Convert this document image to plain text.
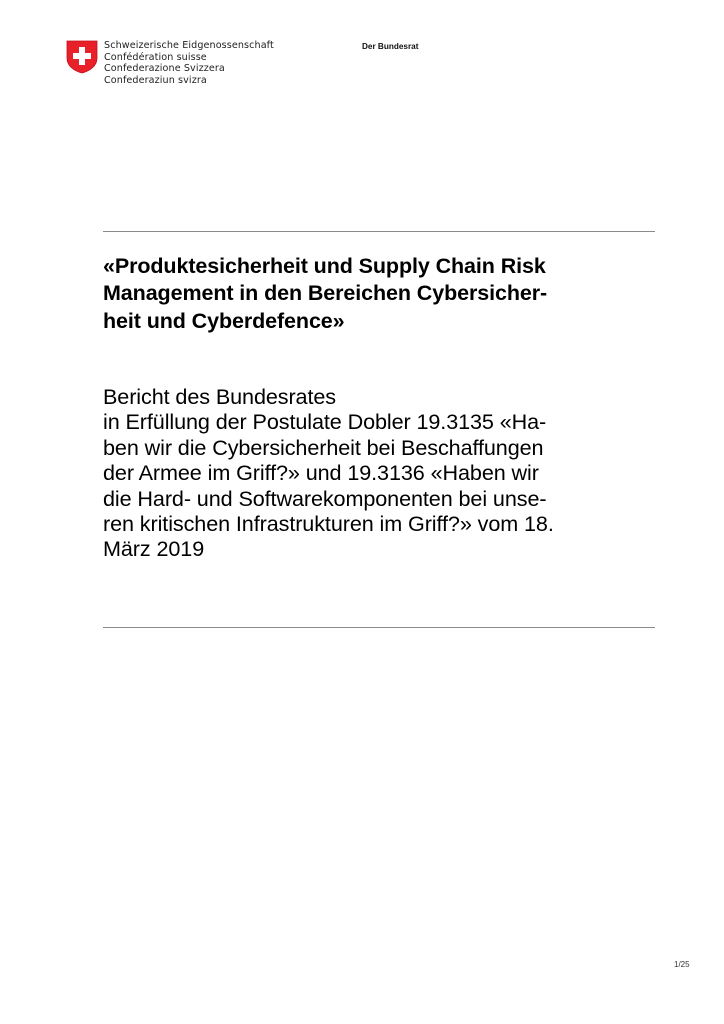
Schweizerische Eidgenossenschaft
Confédération suisse
Confederazione Svizzera
Confederaziun svizra
Der Bundesrat
«Produktesicherheit und Supply Chain Risk
Management in den Bereichen Cybersicher-
heit und Cyberdefence»
Bericht des Bundesrates
in Erfüllung der Postulate Dobler 19.3135 «Ha-
ben wir die Cybersicherheit bei Beschaffungen
der Armee im Griff?» und 19.3136 «Haben wir
die Hard- und Softwarekomponenten bei unse-
ren kritischen Infrastrukturen im Griff?» vom 18.
März 2019
1/25
